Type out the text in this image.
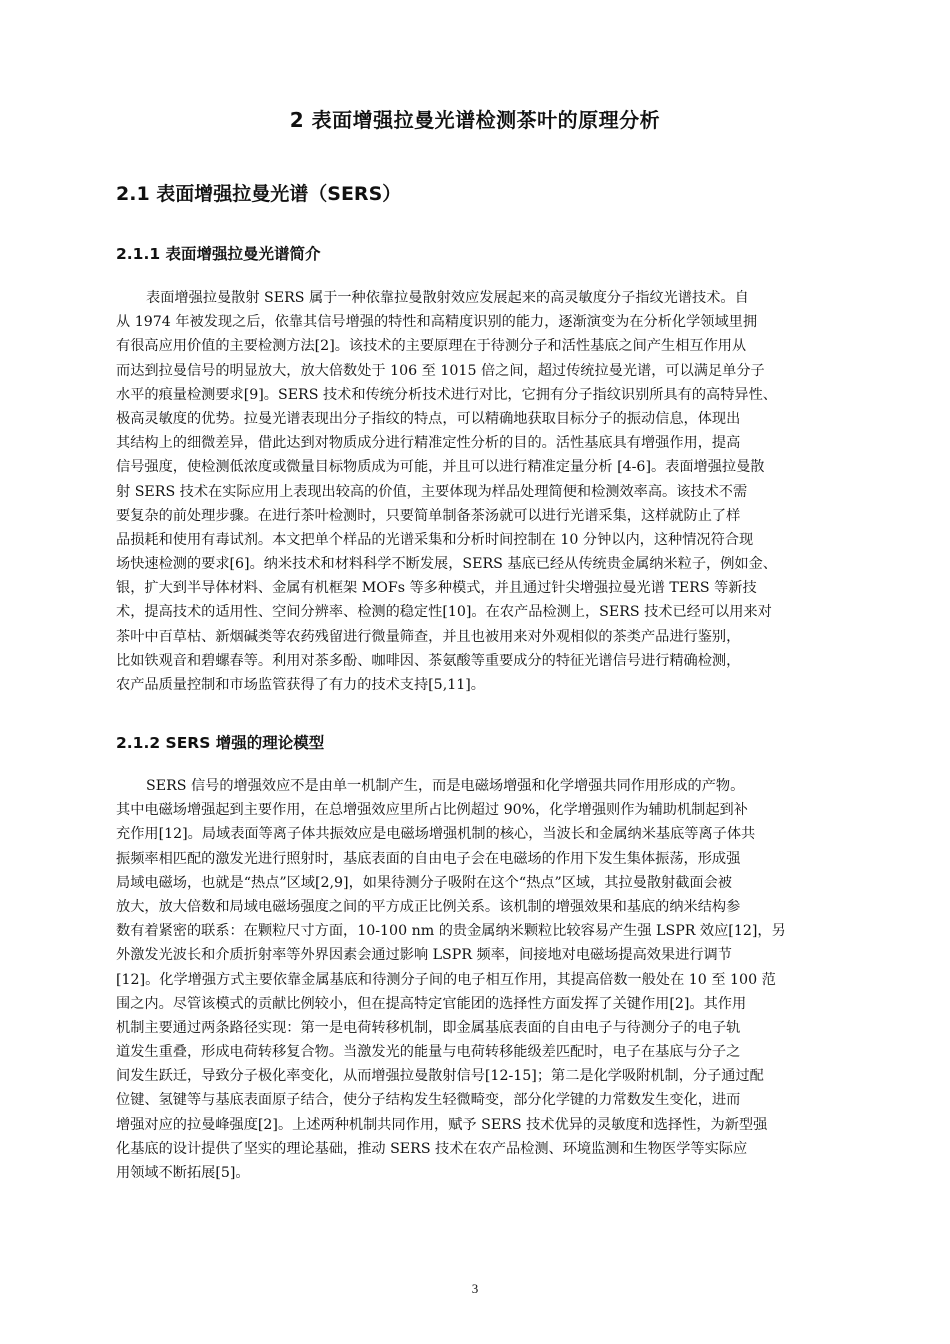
2 表面增强拉曼光谱检测茶叶的原理分析
2.1 表面增强拉曼光谱（SERS）
2.1.1 表面增强拉曼光谱简介
表面增强拉曼散射 SERS 属于一种依靠拉曼散射效应发展起来的高灵敏度分子指纹光谱技术。自
从 1974 年被发现之后，依靠其信号增强的特性和高精度识别的能力，逐渐演变为在分析化学领域里拥
有很高应用价值的主要检测方法[2]。该技术的主要原理在于待测分子和活性基底之间产生相互作用从
而达到拉曼信号的明显放大，放大倍数处于 106 至 1015 倍之间，超过传统拉曼光谱，可以满足单分子
水平的痕量检测要求[9]。SERS 技术和传统分析技术进行对比，它拥有分子指纹识别所具有的高特异性、
极高灵敏度的优势。拉曼光谱表现出分子指纹的特点，可以精确地获取目标分子的振动信息，体现出
其结构上的细微差异，借此达到对物质成分进行精准定性分析的目的。活性基底具有增强作用，提高
信号强度，使检测低浓度或微量目标物质成为可能，并且可以进行精准定量分析 [4-6]。表面增强拉曼散
射 SERS 技术在实际应用上表现出较高的价值，主要体现为样品处理简便和检测效率高。该技术不需
要复杂的前处理步骤。在进行茶叶检测时，只要简单制备茶汤就可以进行光谱采集，这样就防止了样
品损耗和使用有毒试剂。本文把单个样品的光谱采集和分析时间控制在 10 分钟以内，这种情况符合现
场快速检测的要求[6]。纳米技术和材料科学不断发展，SERS 基底已经从传统贵金属纳米粒子，例如金、
银，扩大到半导体材料、金属有机框架 MOFs 等多种模式，并且通过针尖增强拉曼光谱 TERS 等新技
术，提高技术的适用性、空间分辨率、检测的稳定性[10]。在农产品检测上，SERS 技术已经可以用来对
茶叶中百草枯、新烟碱类等农药残留进行微量筛查，并且也被用来对外观相似的茶类产品进行鉴别，
比如铁观音和碧螺春等。利用对茶多酚、咖啡因、茶氨酸等重要成分的特征光谱信号进行精确检测，
农产品质量控制和市场监管获得了有力的技术支持[5,11]。
2.1.2 SERS 增强的理论模型
SERS 信号的增强效应不是由单一机制产生，而是电磁场增强和化学增强共同作用形成的产物。
其中电磁场增强起到主要作用，在总增强效应里所占比例超过 90%，化学增强则作为辅助机制起到补
充作用[12]。局域表面等离子体共振效应是电磁场增强机制的核心，当波长和金属纳米基底等离子体共
振频率相匹配的激发光进行照射时，基底表面的自由电子会在电磁场的作用下发生集体振荡，形成强
局域电磁场，也就是“热点”区域[2,9]，如果待测分子吸附在这个“热点”区域，其拉曼散射截面会被
放大，放大倍数和局域电磁场强度之间的平方成正比例关系。该机制的增强效果和基底的纳米结构参
数有着紧密的联系：在颗粒尺寸方面，10-100 nm 的贵金属纳米颗粒比较容易产生强 LSPR 效应[12]，另
外激发光波长和介质折射率等外界因素会通过影响 LSPR 频率，间接地对电磁场提高效果进行调节
[12]。化学增强方式主要依靠金属基底和待测分子间的电子相互作用，其提高倍数一般处在 10 至 100 范
围之内。尽管该模式的贡献比例较小，但在提高特定官能团的选择性方面发挥了关键作用[2]。其作用
机制主要通过两条路径实现：第一是电荷转移机制，即金属基底表面的自由电子与待测分子的电子轨
道发生重叠，形成电荷转移复合物。当激发光的能量与电荷转移能级差匹配时，电子在基底与分子之
间发生跃迁，导致分子极化率变化，从而增强拉曼散射信号[12-15]；第二是化学吸附机制，分子通过配
位键、氢键等与基底表面原子结合，使分子结构发生轻微畸变，部分化学键的力常数发生变化，进而
增强对应的拉曼峰强度[2]。上述两种机制共同作用，赋予 SERS 技术优异的灵敏度和选择性，为新型强
化基底的设计提供了坚实的理论基础，推动 SERS 技术在农产品检测、环境监测和生物医学等实际应
用领域不断拓展[5]。
3
